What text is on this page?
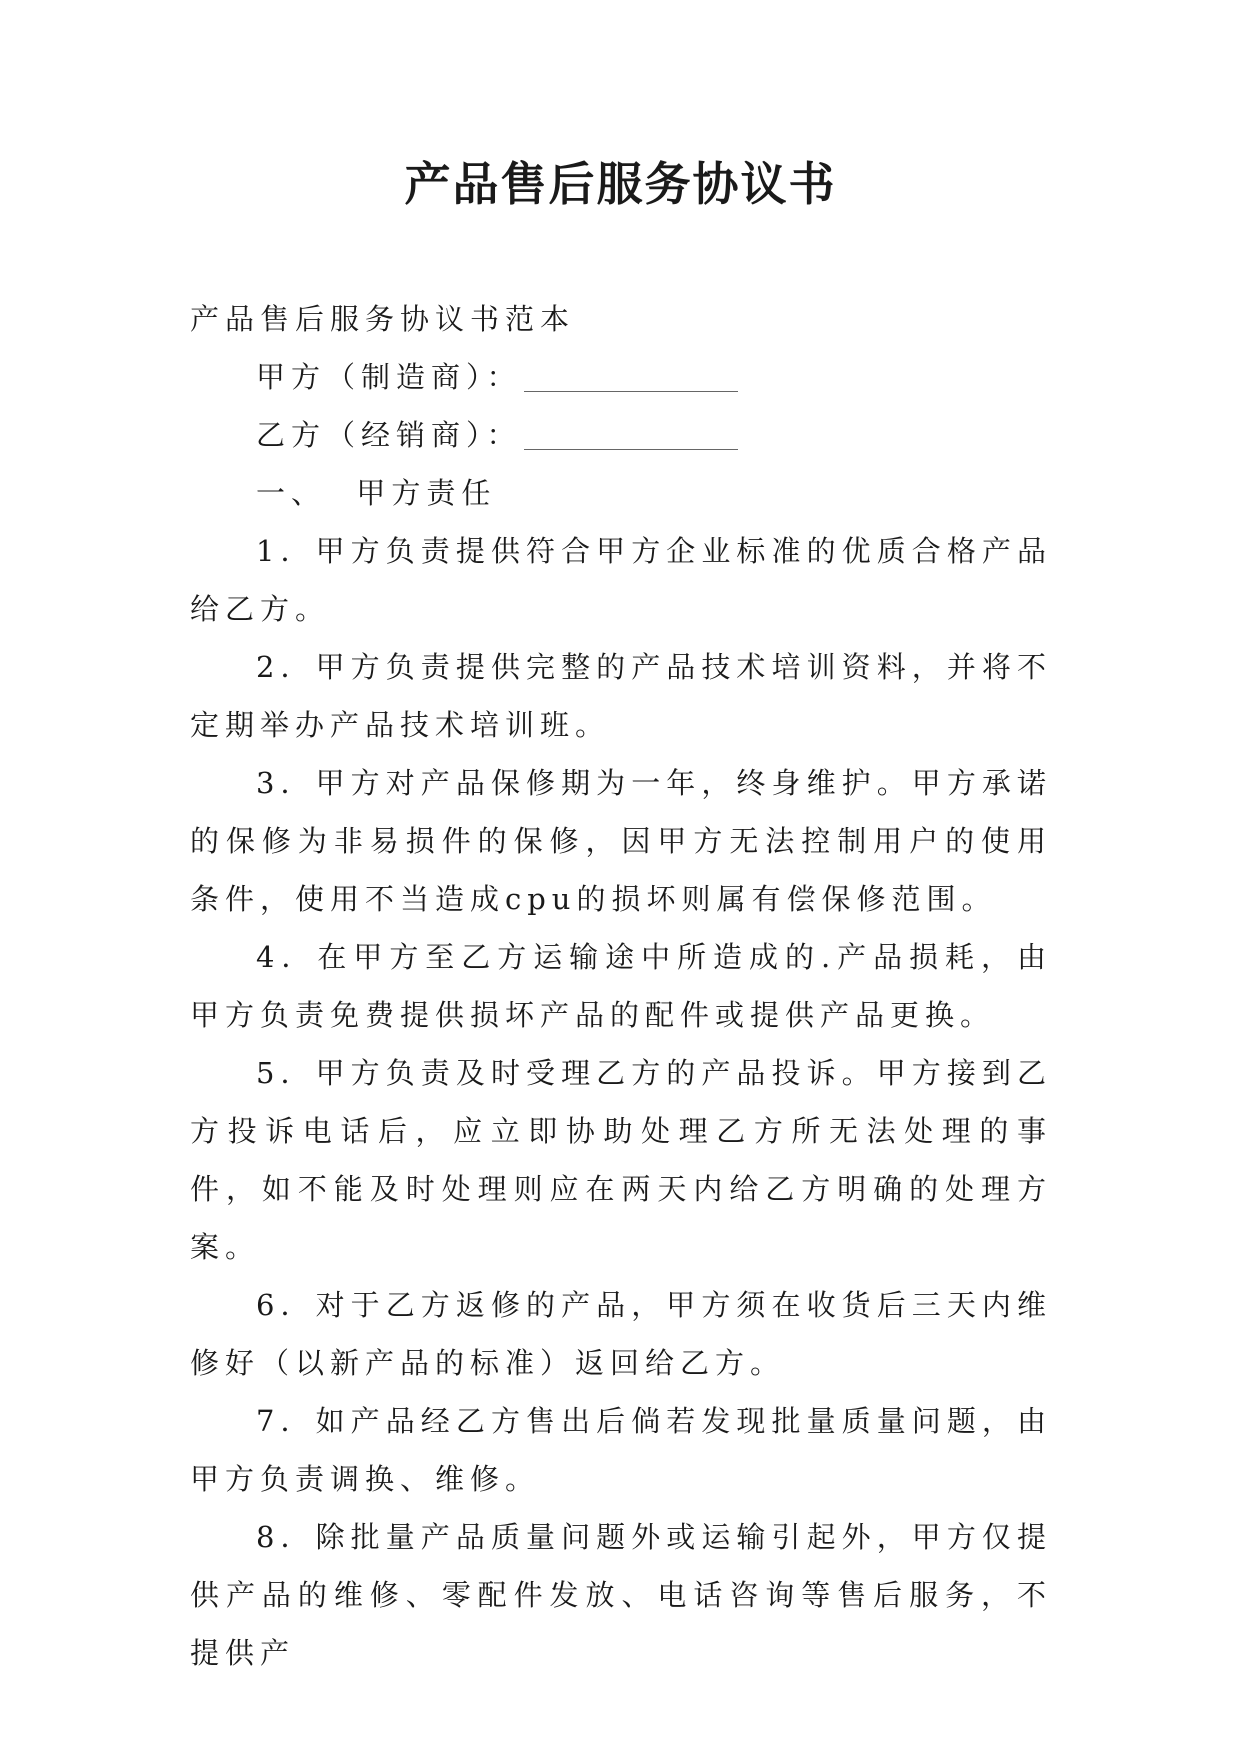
产品售后服务协议书

产品售后服务协议书范本

甲方（制造商）：

乙方（经销商）：

一、  甲方责任

1．甲方负责提供符合甲方企业标准的优质合格产品给乙方。

2．甲方负责提供完整的产品技术培训资料，并将不定期举办产品技术培训班。

3．甲方对产品保修期为一年，终身维护。甲方承诺的保修为非易损件的保修，因甲方无法控制用户的使用条件，使用不当造成cpu的损坏则属有偿保修范围。

4．在甲方至乙方运输途中所造成的.产品损耗，由甲方负责免费提供损坏产品的配件或提供产品更换。

5．甲方负责及时受理乙方的产品投诉。甲方接到乙方投诉电话后，应立即协助处理乙方所无法处理的事件，如不能及时处理则应在两天内给乙方明确的处理方案。

6．对于乙方返修的产品，甲方须在收货后三天内维修好（以新产品的标准）返回给乙方。

7．如产品经乙方售出后倘若发现批量质量问题，由甲方负责调换、维修。

8．除批量产品质量问题外或运输引起外，甲方仅提供产品的维修、零配件发放、电话咨询等售后服务，不提供产
